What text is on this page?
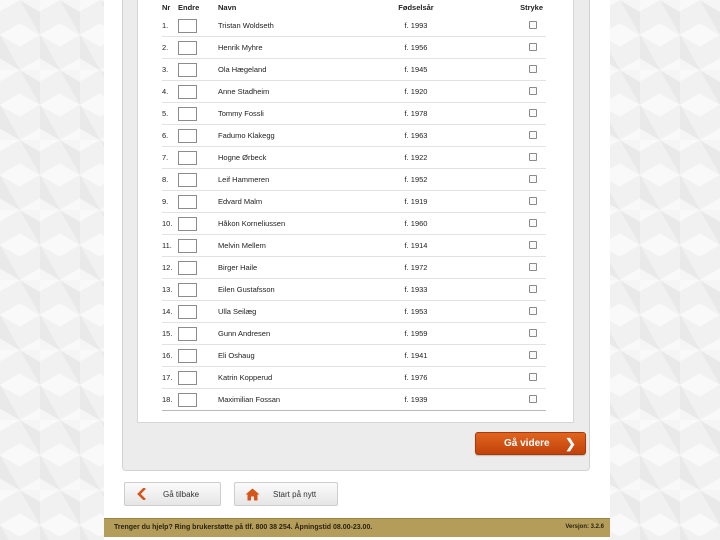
Nr	Endre	Navn	Fødselsår	Stryke
1.		Tristan Woldseth	f. 1993	
2.		Henrik Myhre	f. 1956	
3.		Ola Hægeland	f. 1945	
4.		Anne Stadheim	f. 1920	
5.		Tommy Fossli	f. 1978	
6.		Fadumo Klakegg	f. 1963	
7.		Hogne Ørbeck	f. 1922	
8.		Leif Hammeren	f. 1952	
9.		Edvard Malm	f. 1919	
10.		Håkon Korneliussen	f. 1960	
11.		Melvin Mellem	f. 1914	
12.		Birger Haile	f. 1972	
13.		Eilen Gustafsson	f. 1933	
14.		Ulla Seilæg	f. 1953	
15.		Gunn Andresen	f. 1959	
16.		Eli Oshaug	f. 1941	
17.		Katrin Kopperud	f. 1976	
18.		Maximilian Fossan	f. 1939	
Gå videre ❯
Gå tilbake	Start på nytt
Trenger du hjelp? Ring brukerstøtte på tlf. 800 38 254. Åpningstid 08.00-23.00.	Versjon: 3.2.6
